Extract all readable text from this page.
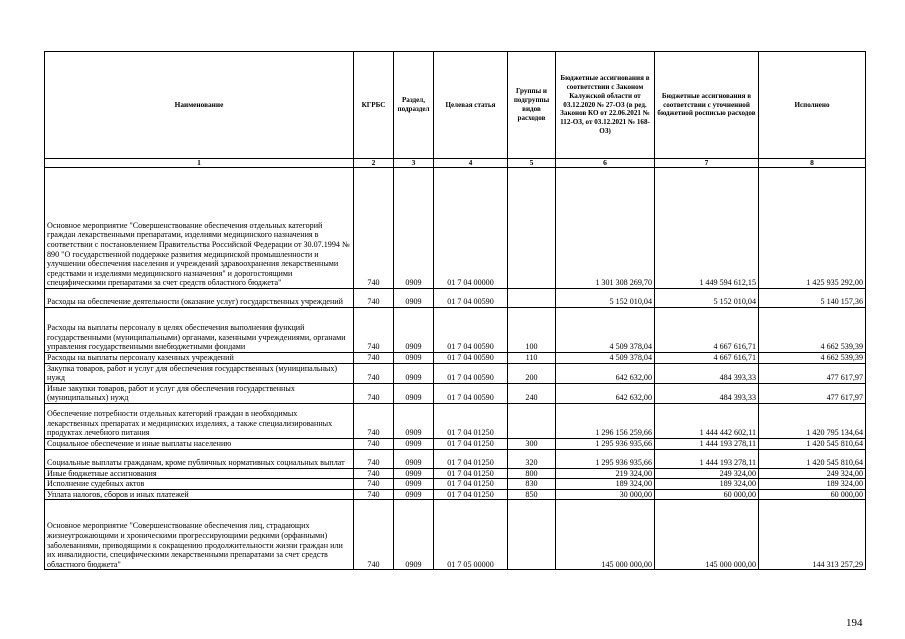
Наименование	КГРБС	Раздел, подраздел	Целевая статья	Группы и подгруппы видов расходов	Бюджетные ассигнования в соответствии с Законом Калужской области от 03.12.2020 № 27-ОЗ (в ред. Законов КО от 22.06.2021 № 112-ОЗ, от 03.12.2021 № 168-ОЗ)	Бюджетные ассигнования в соответствии с уточненной бюджетной росписью расходов	Исполнено
1	2	3	4	5	6	7	8
Основное мероприятие "Совершенствование обеспечения отдельных категорий граждан лекарственными препаратами, изделиями медицинского назначения в соответствии с постановлением Правительства Российской Федерации от 30.07.1994 № 890 "О государственной поддержке развития медицинской промышленности и улучшении обеспечения населения и учреждений здравоохранения лекарственными средствами и изделиями медицинского назначения" и дорогостоящими специфическими препаратами за счет средств областного бюджета"	740	0909	01 7 04 00000		1 301 308 269,70	1 449 594 612,15	1 425 935 292,00
Расходы на обеспечение деятельности (оказание услуг) государственных учреждений	740	0909	01 7 04 00590		5 152 010,04	5 152 010,04	5 140 157,36
Расходы на выплаты персоналу в целях обеспечения выполнения функций государственными (муниципальными) органами, казенными учреждениями, органами управления государственными внебюджетными фондами	740	0909	01 7 04 00590	100	4 509 378,04	4 667 616,71	4 662 539,39
Расходы на выплаты персоналу казенных учреждений	740	0909	01 7 04 00590	110	4 509 378,04	4 667 616,71	4 662 539,39
Закупка товаров, работ и услуг для обеспечения государственных (муниципальных) нужд	740	0909	01 7 04 00590	200	642 632,00	484 393,33	477 617,97
Иные закупки товаров, работ и услуг для обеспечения государственных (муниципальных) нужд	740	0909	01 7 04 00590	240	642 632,00	484 393,33	477 617,97
Обеспечение потребности отдельных категорий граждан в необходимых лекарственных препаратах и медицинских изделиях, а также специализированных продуктах лечебного питания	740	0909	01 7 04 01250		1 296 156 259,66	1 444 442 602,11	1 420 795 134,64
Социальное обеспечение и иные выплаты населению	740	0909	01 7 04 01250	300	1 295 936 935,66	1 444 193 278,11	1 420 545 810,64
Социальные выплаты гражданам, кроме публичных нормативных социальных выплат	740	0909	01 7 04 01250	320	1 295 936 935,66	1 444 193 278,11	1 420 545 810,64
Иные бюджетные ассигнования	740	0909	01 7 04 01250	800	219 324,00	249 324,00	249 324,00
Исполнение судебных актов	740	0909	01 7 04 01250	830	189 324,00	189 324,00	189 324,00
Уплата налогов, сборов и иных платежей	740	0909	01 7 04 01250	850	30 000,00	60 000,00	60 000,00
Основное мероприятие "Совершенствование обеспечения лиц, страдающих жизнеугрожающими и хроническими прогрессирующими редкими (орфанными) заболеваниями, приводящими к сокращению продолжительности жизни граждан или их инвалидности, специфическими лекарственными препаратами за счет средств областного бюджета"	740	0909	01 7 05 00000		145 000 000,00	145 000 000,00	144 313 257,29
194
